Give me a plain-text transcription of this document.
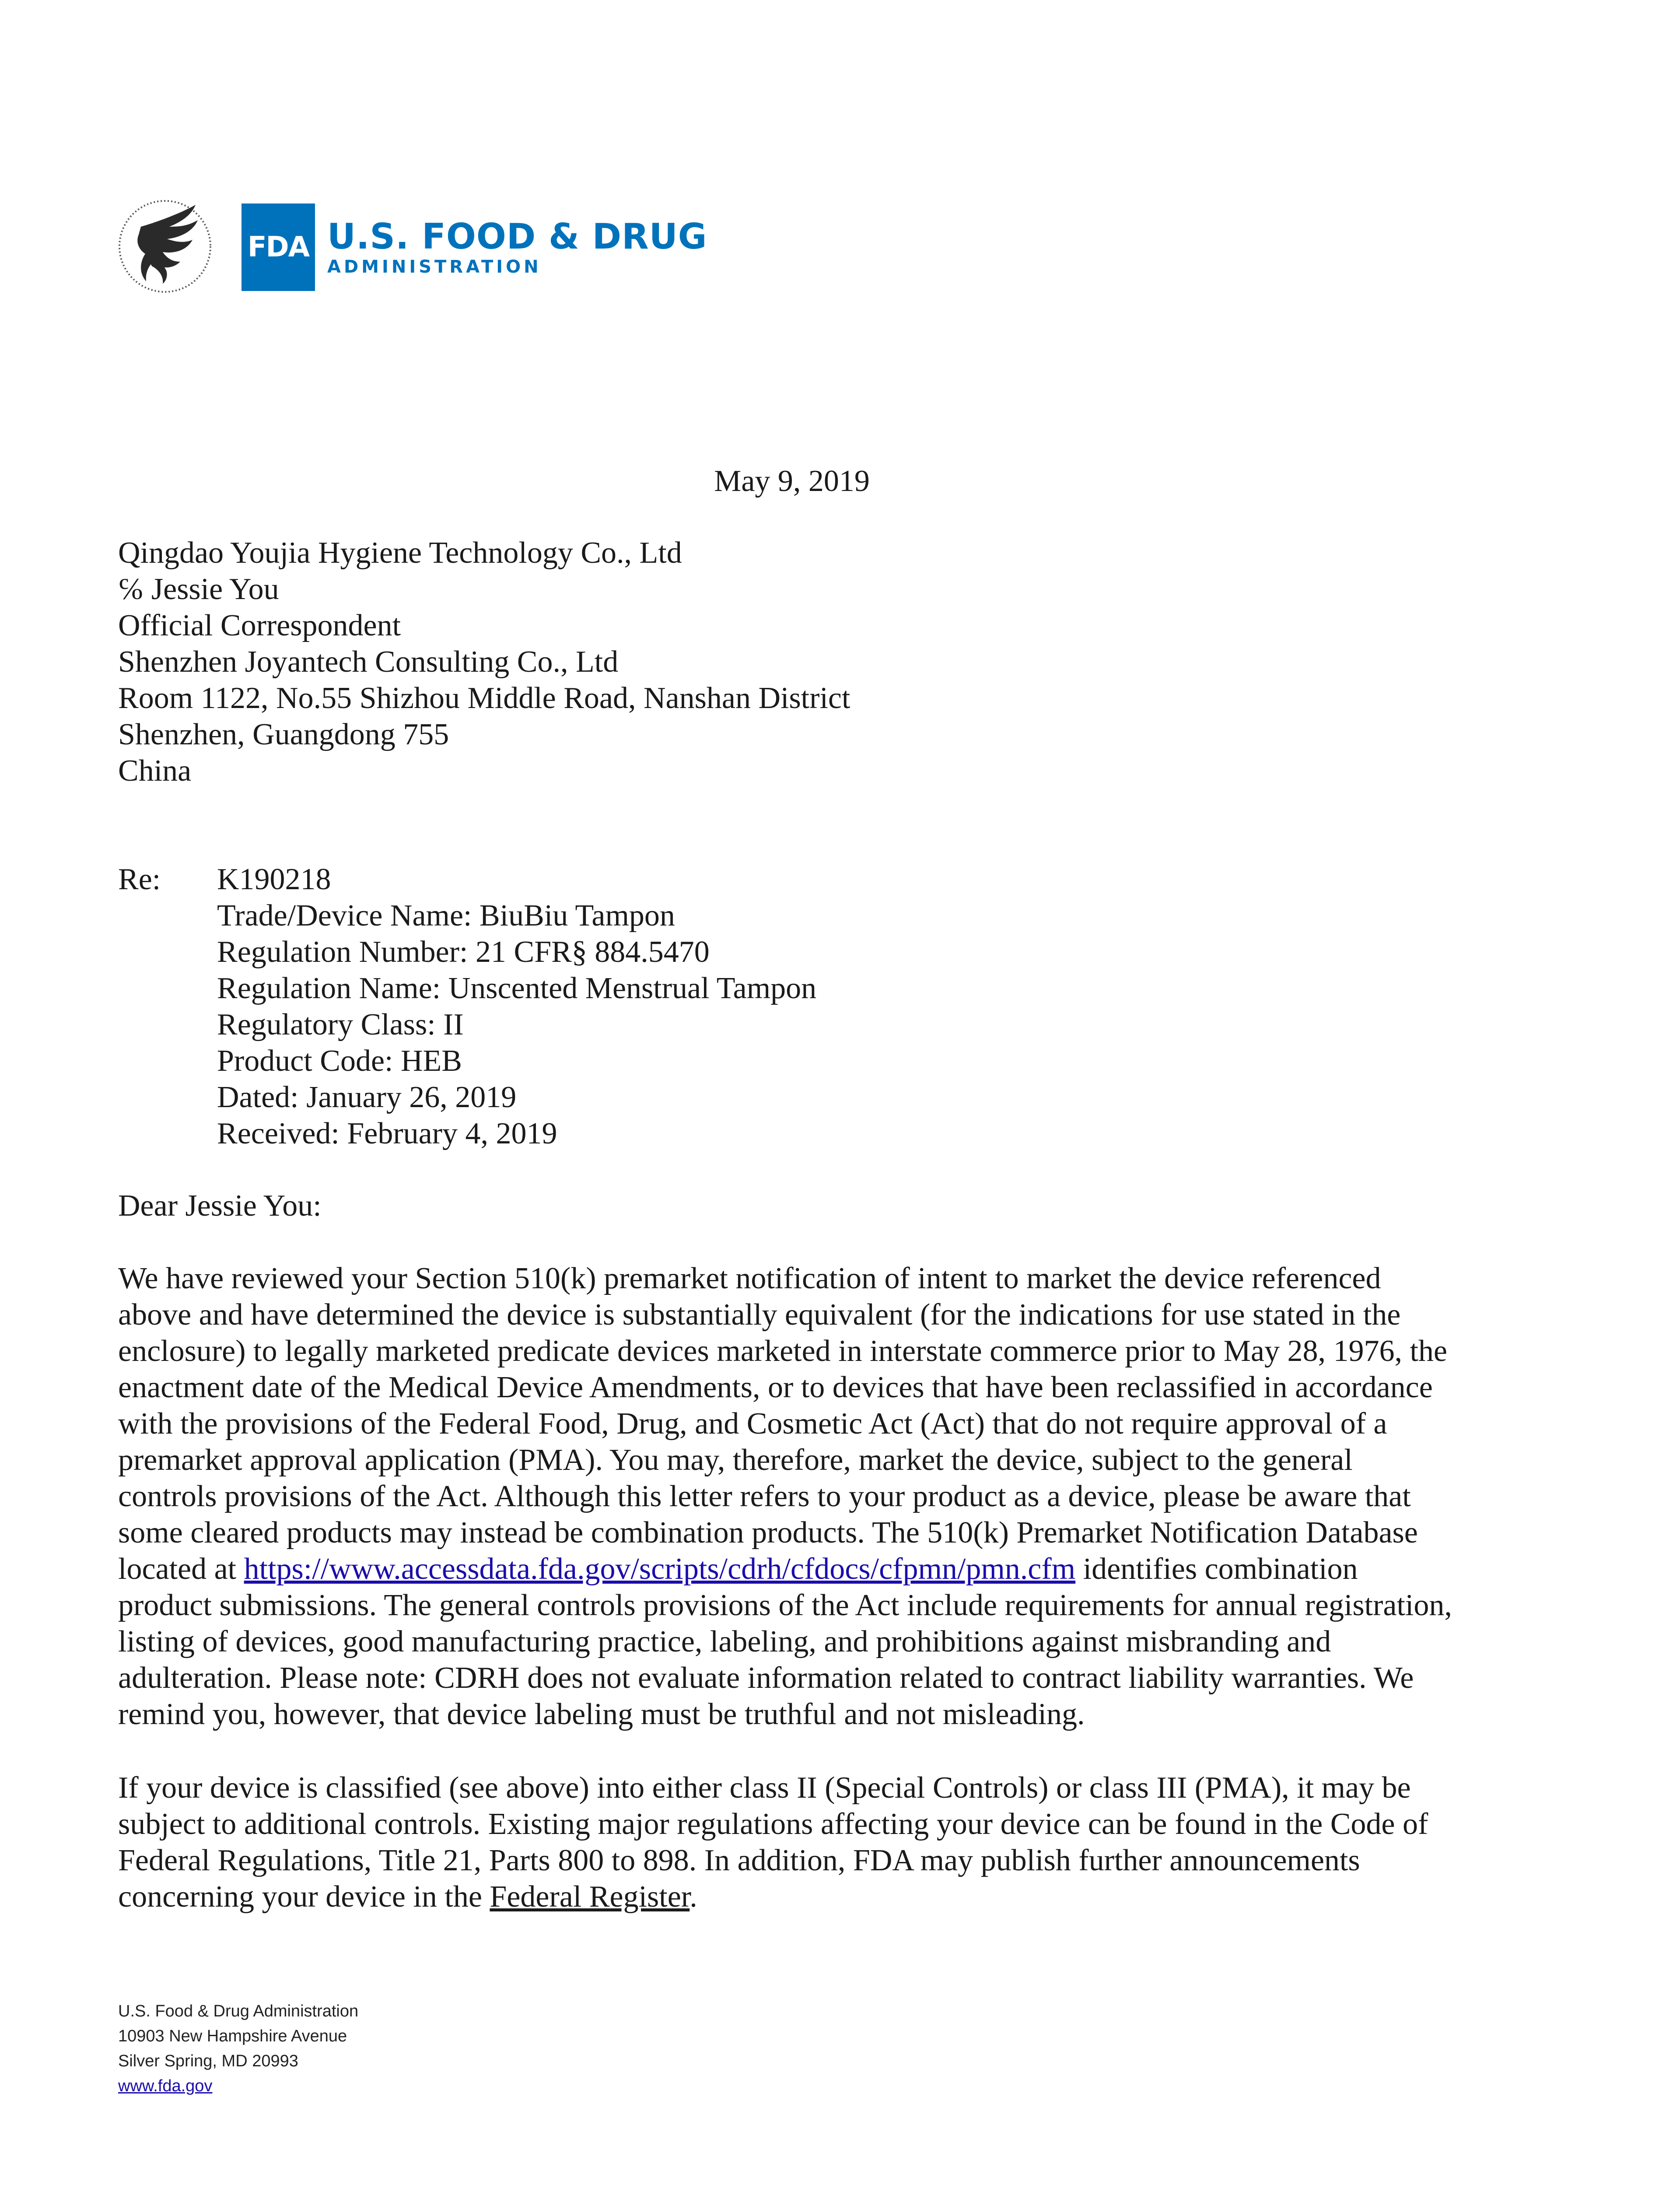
FDA U.S. FOOD & DRUG
ADMINISTRATION
May 9, 2019
Qingdao Youjia Hygiene Technology Co., Ltd
℅ Jessie You
Official Correspondent
Shenzhen Joyantech Consulting Co., Ltd
Room 1122, No.55 Shizhou Middle Road, Nanshan District
Shenzhen, Guangdong 755
China
Re:	K190218
Trade/Device Name: BiuBiu Tampon
Regulation Number: 21 CFR§ 884.5470
Regulation Name: Unscented Menstrual Tampon
Regulatory Class: II
Product Code: HEB
Dated: January 26, 2019
Received: February 4, 2019
Dear Jessie You:
We have reviewed your Section 510(k) premarket notification of intent to market the device referenced
above and have determined the device is substantially equivalent (for the indications for use stated in the
enclosure) to legally marketed predicate devices marketed in interstate commerce prior to May 28, 1976, the
enactment date of the Medical Device Amendments, or to devices that have been reclassified in accordance
with the provisions of the Federal Food, Drug, and Cosmetic Act (Act) that do not require approval of a
premarket approval application (PMA). You may, therefore, market the device, subject to the general
controls provisions of the Act. Although this letter refers to your product as a device, please be aware that
some cleared products may instead be combination products. The 510(k) Premarket Notification Database
located at https://www.accessdata.fda.gov/scripts/cdrh/cfdocs/cfpmn/pmn.cfm identifies combination
product submissions. The general controls provisions of the Act include requirements for annual registration,
listing of devices, good manufacturing practice, labeling, and prohibitions against misbranding and
adulteration. Please note: CDRH does not evaluate information related to contract liability warranties. We
remind you, however, that device labeling must be truthful and not misleading.
If your device is classified (see above) into either class II (Special Controls) or class III (PMA), it may be
subject to additional controls. Existing major regulations affecting your device can be found in the Code of
Federal Regulations, Title 21, Parts 800 to 898. In addition, FDA may publish further announcements
concerning your device in the Federal Register.
U.S. Food & Drug Administration
10903 New Hampshire Avenue
Silver Spring, MD 20993
www.fda.gov
